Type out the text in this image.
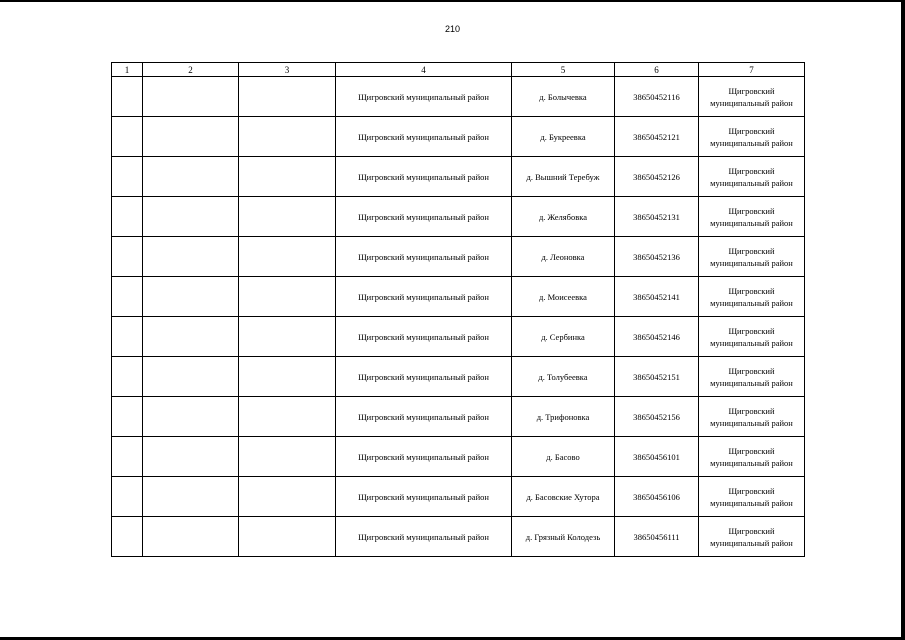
210
1	2	3	4	5	6	7
			Щигровский муниципальный район	д. Болычевка	38650452116	Щигровский муниципальный район
			Щигровский муниципальный район	д. Букреевка	38650452121	Щигровский муниципальный район
			Щигровский муниципальный район	д. Вышний Теребуж	38650452126	Щигровский муниципальный район
			Щигровский муниципальный район	д. Желябовка	38650452131	Щигровский муниципальный район
			Щигровский муниципальный район	д. Леоновка	38650452136	Щигровский муниципальный район
			Щигровский муниципальный район	д. Моисеевка	38650452141	Щигровский муниципальный район
			Щигровский муниципальный район	д. Сербинка	38650452146	Щигровский муниципальный район
			Щигровский муниципальный район	д. Толубеевка	38650452151	Щигровский муниципальный район
			Щигровский муниципальный район	д. Трифоновка	38650452156	Щигровский муниципальный район
			Щигровский муниципальный район	д. Басово	38650456101	Щигровский муниципальный район
			Щигровский муниципальный район	д. Басовские Хутора	38650456106	Щигровский муниципальный район
			Щигровский муниципальный район	д. Грязный Колодезь	38650456111	Щигровский муниципальный район
